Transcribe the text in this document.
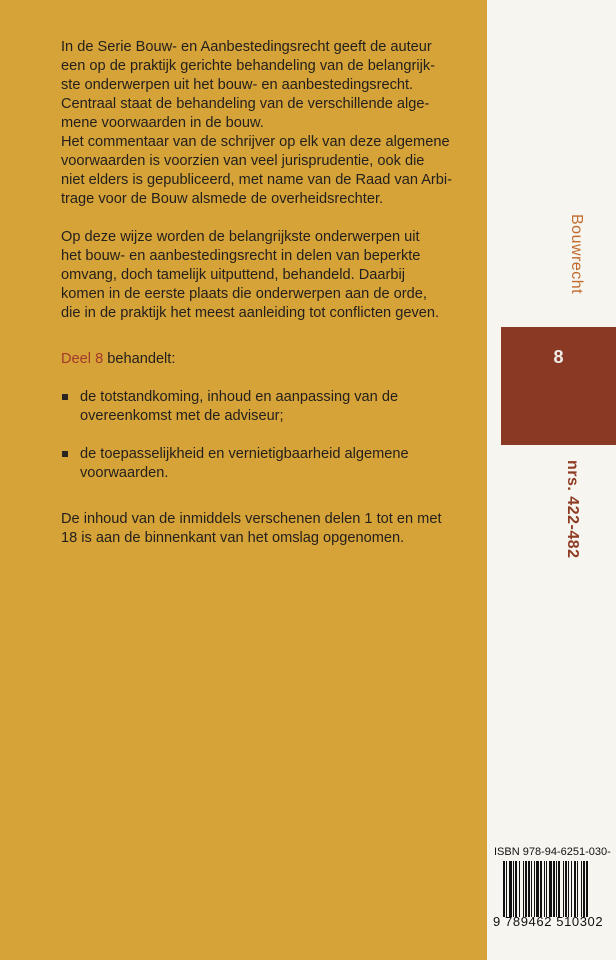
In de Serie Bouw- en Aanbestedingsrecht geeft de auteur

een op de praktijk gerichte behandeling van de belangrijk-

ste onderwerpen uit het bouw- en aanbestedingsrecht.

Centraal staat de behandeling van de verschillende alge-

mene voorwaarden in de bouw.

Het commentaar van de schrijver op elk van deze algemene

voorwaarden is voorzien van veel jurisprudentie, ook die

niet elders is gepubliceerd, met name van de Raad van Arbi-

trage voor de Bouw alsmede de overheidsrechter.

Op deze wijze worden de belangrijkste onderwerpen uit

het bouw- en aanbestedingsrecht in delen van beperkte

omvang, doch tamelijk uitputtend, behandeld. Daarbij

komen in de eerste plaats die onderwerpen aan de orde,

die in de praktijk het meest aanleiding tot conflicten geven.

Deel 8 behandelt:

de totstandkoming, inhoud en aanpassing van de
overeenkomst met de adviseur;
de toepasselijkheid en vernietigbaarheid algemene
voorwaarden.

De inhoud van de inmiddels verschenen delen 1 tot en met

18 is aan de binnenkant van het omslag opgenomen.

Bouwrecht
8
nrs. 422-482
ISBN 978-94-6251-030-
9 789462 510302
